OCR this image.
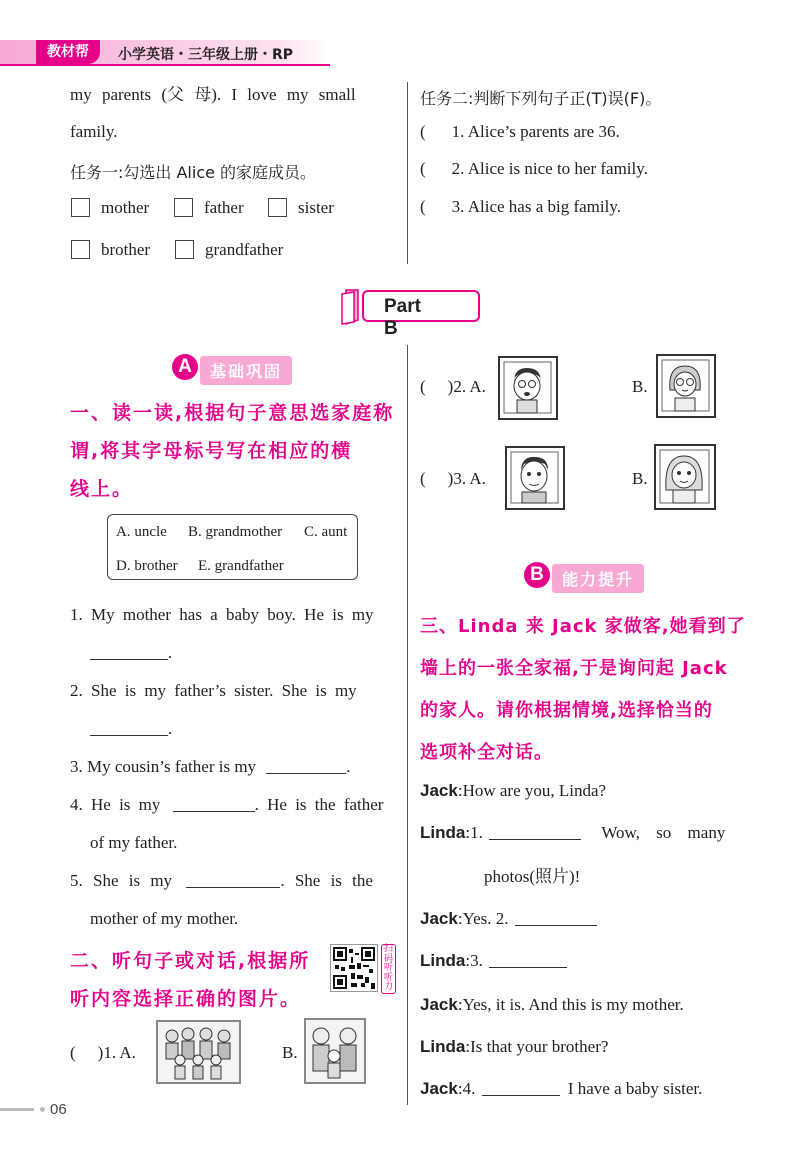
教材帮	小学英语・三年级上册・RP
my parents (父 母). I love my small
family.
任务一:勾选出 Alice 的家庭成员。
mother	father	sister
brother	grandfather
任务二:判断下列句子正(T)误(F)。
( 1. Alice’s parents are 36.
( 2. Alice is nice to her family.
( 3. Alice has a big family.
Part B
A	基础巩固
一、读一读,根据句子意思选家庭称
谓,将其字母标号写在相应的横
线上。
A. uncle B. grandmother C. aunt
D. brother E. grandfather
1. My mother has a baby boy. He is my
.
2. She is my father’s sister. She is my
.
3. My cousin’s father is my	.
4. He is my	. He is the father
of my father.
5. She is my	. She is the
mother of my mother.
二、听句子或对话,根据所
听内容选择正确的图片。
扫码听听力
( )1. A.	B.
( )2. A.	B.
( )3. A.	B.
B	能力提升
三、Linda 来 Jack 家做客,她看到了
墙上的一张全家福,于是询问起 Jack
的家人。请你根据情境,选择恰当的
选项补全对话。
Jack:How are you, Linda?
Linda:1.	Wow, so many
photos(照片)!
Jack:Yes. 2.
Linda:3.
Jack:Yes, it is. And this is my mother.
Linda:Is that your brother?
Jack:4.	I have a baby sister.
06
